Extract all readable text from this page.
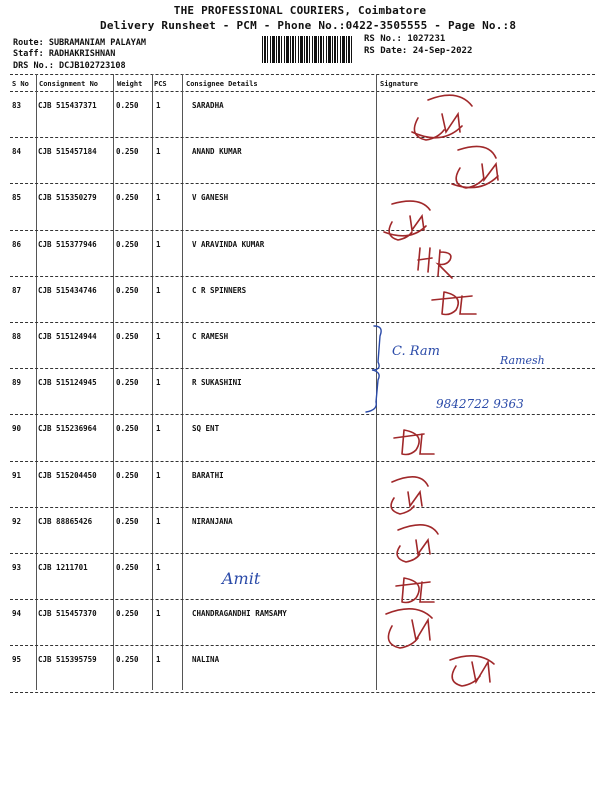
THE PROFESSIONAL COURIERS, Coimbatore
Delivery Runsheet - PCM - Phone No.:0422-3505555 - Page No.:8
Route: SUBRAMANIAM PALAYAM
Staff: RADHAKRISHNAN
DRS No.: DCJB102723108
RS No.: 1027231
RS Date: 24-Sep-2022
S No Consignment No	Weight PCS	Consignee Details	Signature
83 CJB 515437371	0.250 1	SARADHA
84 CJB 515457184	0.250 1	ANAND KUMAR
85 CJB 515350279	0.250 1	V GANESH
86 CJB 515377946	0.250 1	V ARAVINDA KUMAR
87 CJB 515434746	0.250 1	C R SPINNERS
88 CJB 515124944	0.250 1	C RAMESH
89 CJB 515124945	0.250 1	R SUKASHINI
90 CJB 515236964	0.250 1	SQ ENT
91 CJB 515204450	0.250 1	BARATHI
92 CJB 88865426	0.250 1	NIRANJANA
93 CJB 1211701	0.250 1
94 CJB 515457370	0.250 1	CHANDRAGANDHI RAMSAMY
95 CJB 515395759	0.250 1	NALINA
Amit
C. Ram
Ramesh
9842722 9363
